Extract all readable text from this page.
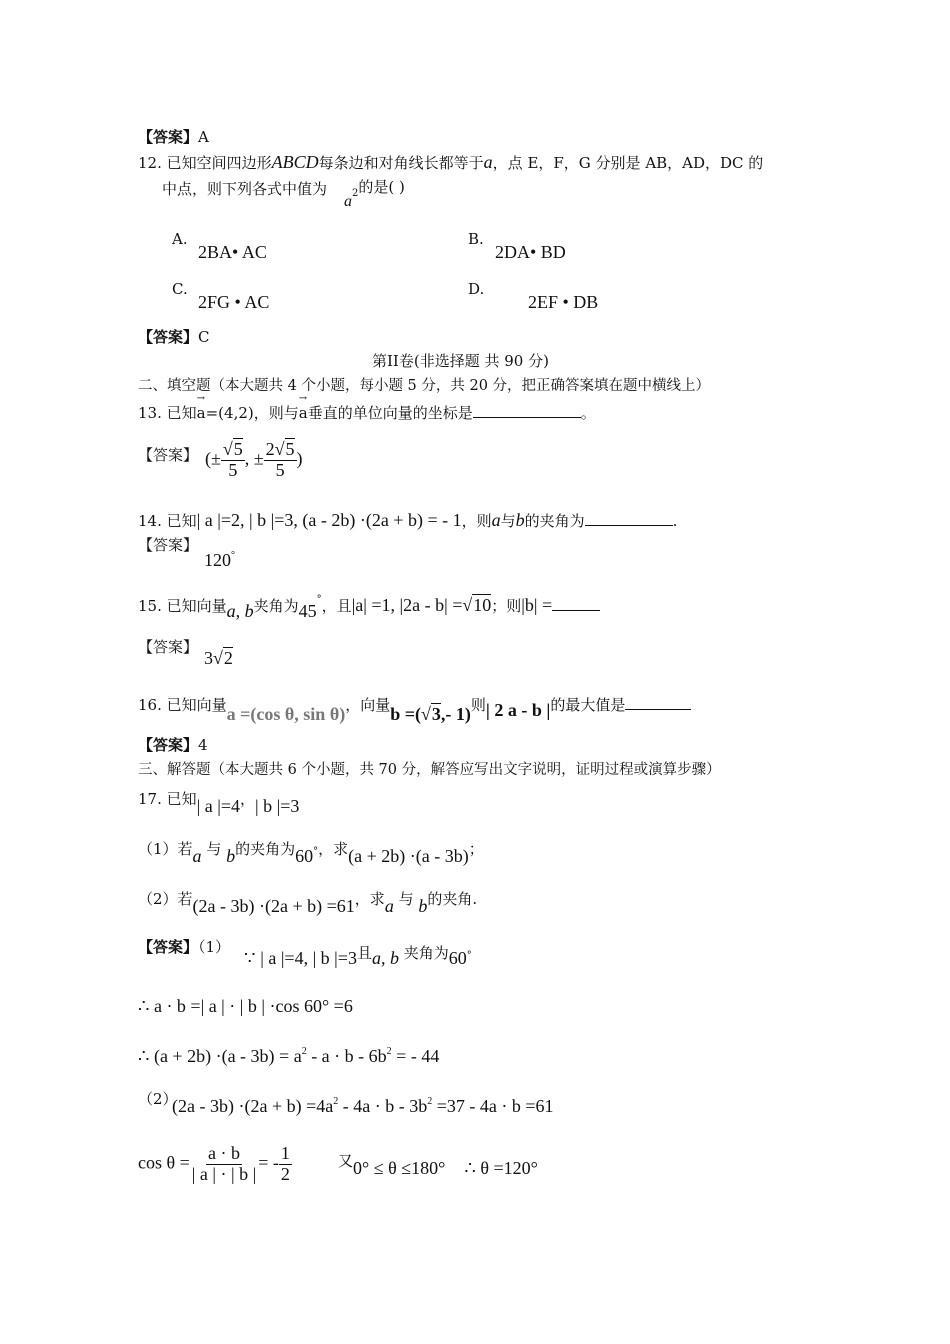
【答案】A
12. 已知空间四边形ABCD每条边和对角线长都等于a，点 E，F，G 分别是 AB，AD，DC 的
中点，则下列各式中值为
a2的是( )
A.
2BA• AC
B.
2DA• BD
C.
2FG • AC
D.
2EF • DB
【答案】C
第II卷(非选择题 共 90 分)
二、填空题（本大题共 4 个小题，每小题 5 分，共 20 分，把正确答案填在题中横线上）
13. 已知→ a=(4,2)，则与→ a垂直的单位向量的坐标是	。
【答案】 (± $\frac{√5}{5}$ , ± $\frac{2√5}{5}$ )
14. 已知| a |=2, | b |=3, (a - 2b) ·(2a + b) = - 1，则a与b的夹角为	.
【答案】
120°
15. 已知向量a, b夹角为45°，且|a| =1, |2a - b| =√10；则|b| =
【答案】
3√2
16. 已知向量a =(cos θ, sin θ)，向量b =(√3,- 1)则| 2 a - b |的最大值是
【答案】4
三、解答题（本大题共 6 个小题，共 70 分，解答应写出文字说明，证明过程或演算步骤）
17. 已知| a |=4，| b |=3
（1）若a 与 b的夹角为60°，求(a + 2b) ·(a - 3b)；
（2）若(2a - 3b) ·(2a + b) =61，求a 与 b的夹角.
【答案】（1）
∵ | a |=4, | b |=3且a, b 夹角为60°
∴ a · b =| a | · | b | ·cos 60° =6
∴ $(a + 2b) \cdot(a - 3b) = a^2 - a \cdot b - 6b^2$ = - 44
（2）
$(2a - 3b) \cdot(2a + b) =4a^2 - 4a \cdot b - 3b^2 =37 - 4a \cdot b =61$
$\cos \theta = \frac{a \cdot b}{| a | \cdot | b |}$ = - $\frac{1}{2}$	又0° ≤ θ ≤180° ∴ θ =120°
